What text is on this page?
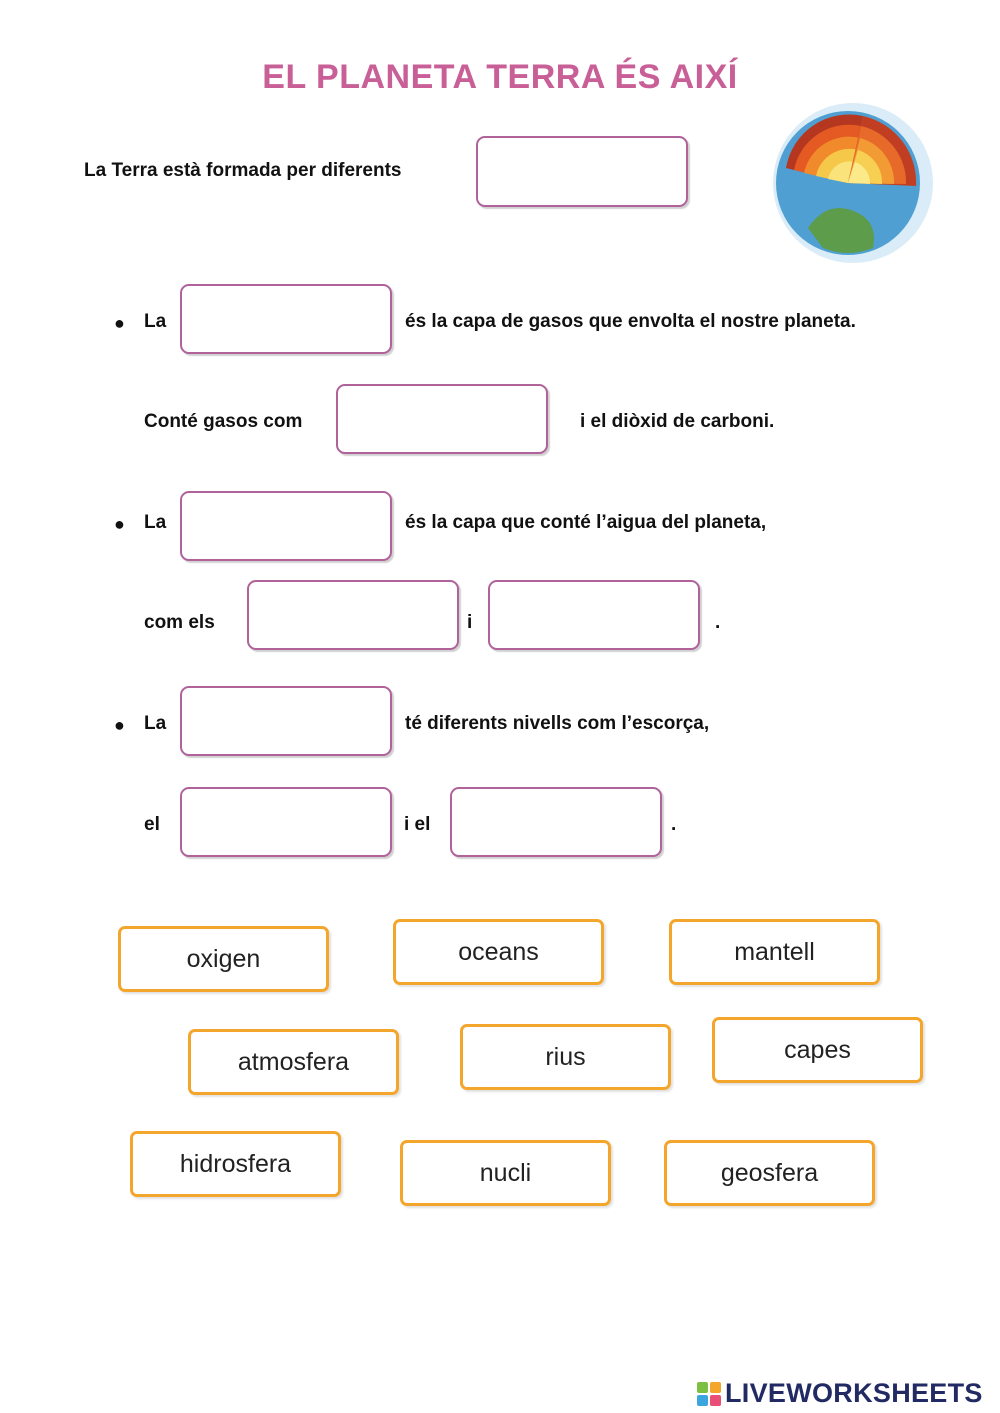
EL PLANETA TERRA ÉS AIXÍ
La Terra està formada per diferents
● La	és la capa de gasos que envolta el nostre planeta.
Conté gasos com	i el diòxid de carboni.
● La	és la capa que conté l’aigua del planeta,
com els	i	.
● La	té diferents nivells com l’escorça,
el	i el	.
oxigen	oceans	mantell
atmosfera	rius	capes
hidrosfera	nucli	geosfera
LIVEWORKSHEETS
